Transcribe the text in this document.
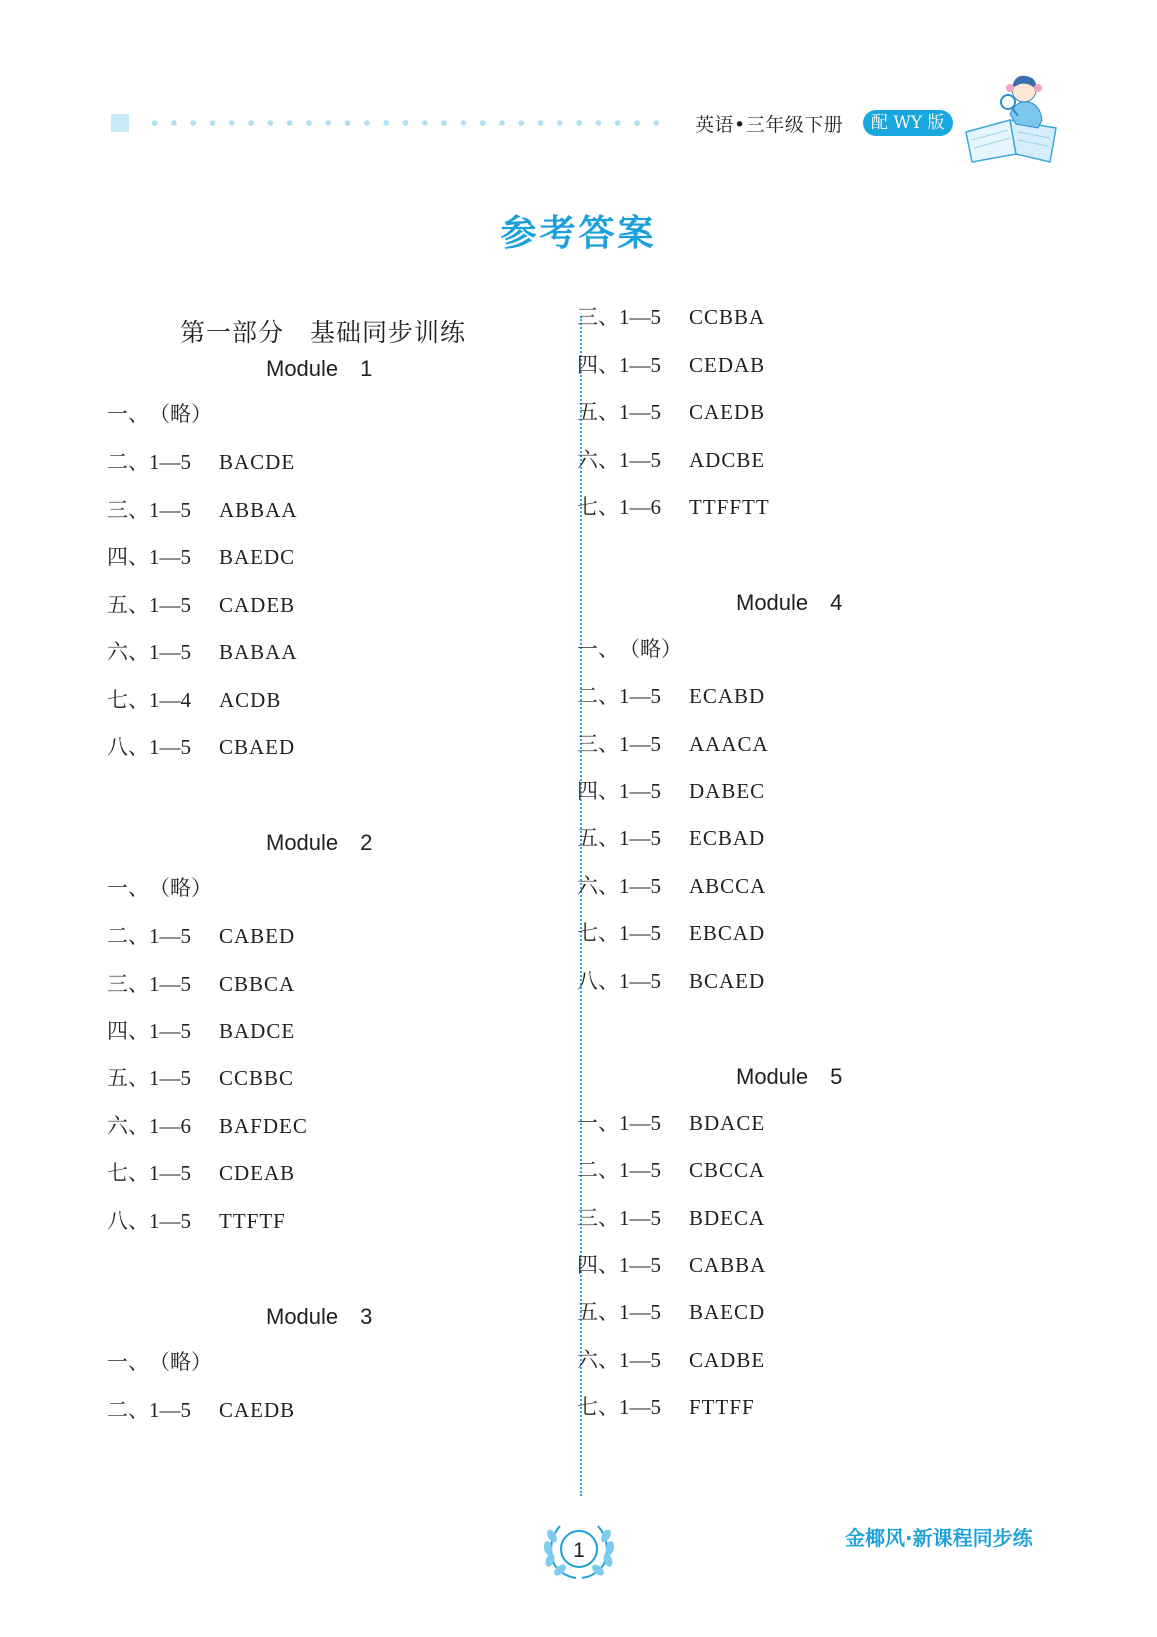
英语•三年级下册	配 WY 版
参考答案
第一部分　基础同步训练
Module　1
一、（略）
二、1—5 BACDE
三、1—5 ABBAA
四、1—5 BAEDC
五、1—5 CADEB
六、1—5 BABAA
七、1—4 ACDB
八、1—5 CBAED
Module　2
一、（略）
二、1—5 CABED
三、1—5 CBBCA
四、1—5 BADCE
五、1—5 CCBBC
六、1—6 BAFDEC
七、1—5 CDEAB
八、1—5 TTFTF
Module　3
一、（略）
二、1—5 CAEDB
三、1—5 CCBBA
四、1—5 CEDAB
五、1—5 CAEDB
六、1—5 ADCBE
七、1—6 TTFFTT
Module　4
一、（略）
二、1—5 ECABD
三、1—5 AAACA
四、1—5 DABEC
五、1—5 ECBAD
六、1—5 ABCCA
七、1—5 EBCAD
八、1—5 BCAED
Module　5
一、1—5 BDACE
二、1—5 CBCCA
三、1—5 BDECA
四、1—5 CABBA
五、1—5 BAECD
六、1—5 CADBE
七、1—5 FTTFF
1
金椰风·新课程同步练
